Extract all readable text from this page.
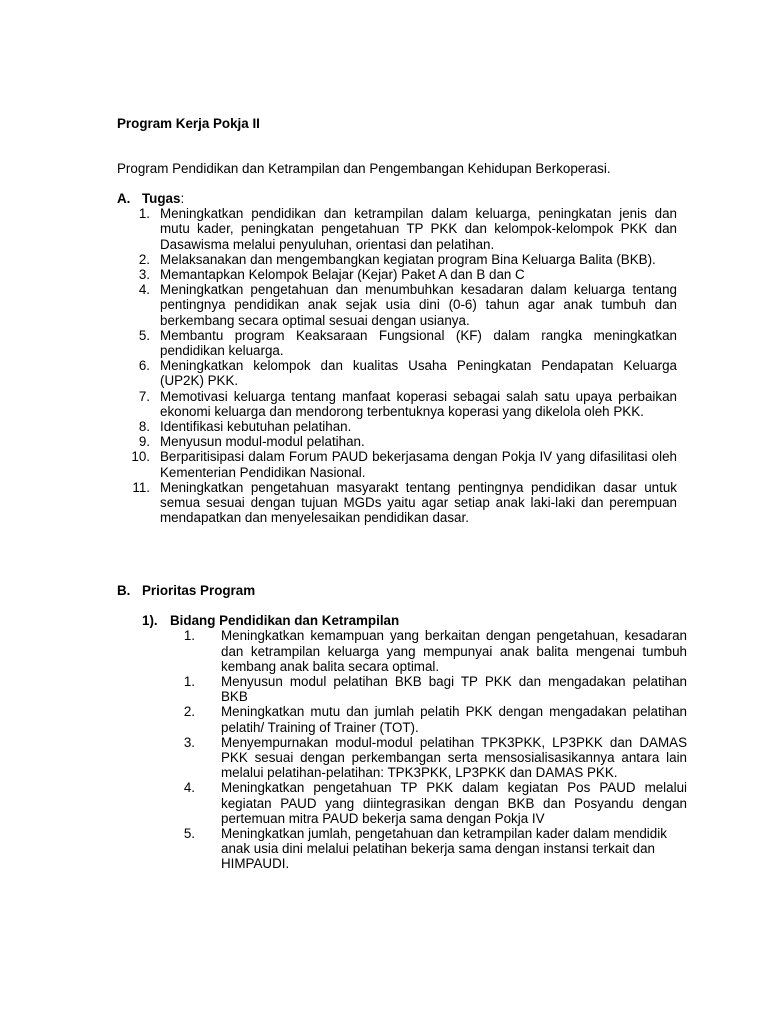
Program Kerja Pokja II
Program Pendidikan dan Ketrampilan dan Pengembangan Kehidupan Berkoperasi.
A. Tugas :
1. Meningkatkan pendidikan dan ketrampilan dalam keluarga, peningkatan jenis dan mutu kader, peningkatan pengetahuan TP PKK dan kelompok-kelompok PKK dan Dasawisma melalui penyuluhan, orientasi dan pelatihan.
2. Melaksanakan dan mengembangkan kegiatan program Bina Keluarga Balita (BKB).
3. Memantapkan Kelompok Belajar (Kejar) Paket A dan B dan C
4. Meningkatkan pengetahuan dan menumbuhkan kesadaran dalam keluarga tentang pentingnya pendidikan anak sejak usia dini (0-6) tahun agar anak tumbuh dan berkembang secara optimal sesuai dengan usianya.
5. Membantu program Keaksaraan Fungsional (KF) dalam rangka meningkatkan pendidikan keluarga.
6. Meningkatkan kelompok dan kualitas Usaha Peningkatan Pendapatan Keluarga (UP2K) PKK.
7. Memotivasi keluarga tentang manfaat koperasi sebagai salah satu upaya perbaikan ekonomi keluarga dan mendorong terbentuknya koperasi yang dikelola oleh PKK.
8. Identifikasi kebutuhan pelatihan.
9. Menyusun modul-modul pelatihan.
10. Berparitisipasi dalam Forum PAUD bekerjasama dengan Pokja IV yang difasilitasi oleh Kementerian Pendidikan Nasional.
11. Meningkatkan pengetahuan masyarakt tentang pentingnya pendidikan dasar untuk semua sesuai dengan tujuan MGDs yaitu agar setiap anak laki-laki dan perempuan mendapatkan dan menyelesaikan pendidikan dasar.
B. Prioritas Program
1). Bidang Pendidikan dan Ketrampilan
1. Meningkatkan kemampuan yang berkaitan dengan pengetahuan, kesadaran dan ketrampilan keluarga yang mempunyai anak balita mengenai tumbuh kembang anak balita secara optimal.
1. Menyusun modul pelatihan BKB bagi TP PKK dan mengadakan pelatihan BKB
2. Meningkatkan mutu dan jumlah pelatih PKK dengan mengadakan pelatihan pelatih/ Training of Trainer (TOT).
3. Menyempurnakan modul-modul pelatihan TPK3PKK, LP3PKK dan DAMAS PKK sesuai dengan perkembangan serta mensosialisasikannya antara lain melalui pelatihan-pelatihan: TPK3PKK, LP3PKK dan DAMAS PKK.
4. Meningkatkan pengetahuan TP PKK dalam kegiatan Pos PAUD melalui kegiatan PAUD yang diintegrasikan dengan BKB dan Posyandu dengan pertemuan mitra PAUD bekerja sama dengan Pokja IV
5. Meningkatkan jumlah, pengetahuan dan ketrampilan kader dalam mendidik
anak usia dini melalui pelatihan bekerja sama dengan instansi terkait dan HIMPAUDI.
